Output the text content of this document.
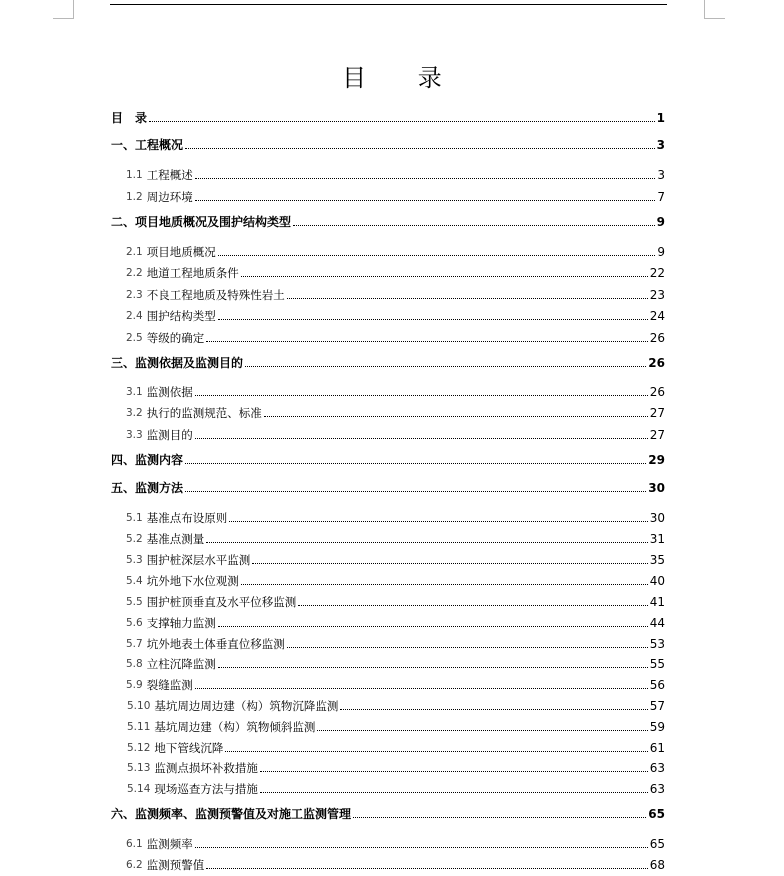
目 录
目　录	1
一、工程概况	3
1.1 工程概述	3
1.2 周边环境	7
二、项目地质概况及围护结构类型	9
2.1 项目地质概况	9
2.2 地道工程地质条件	22
2.3 不良工程地质及特殊性岩土	23
2.4 围护结构类型	24
2.5 等级的确定	26
三、监测依据及监测目的	26
3.1 监测依据	26
3.2 执行的监测规范、标准	27
3.3 监测目的	27
四、监测内容	29
五、监测方法	30
5.1 基准点布设原则	30
5.2 基准点测量	31
5.3 围护桩深层水平监测	35
5.4 坑外地下水位观测	40
5.5 围护桩顶垂直及水平位移监测	41
5.6 支撑轴力监测	44
5.7 坑外地表土体垂直位移监测	53
5.8 立柱沉降监测	55
5.9 裂缝监测	56
5.10 基坑周边周边建（构）筑物沉降监测	57
5.11 基坑周边建（构）筑物倾斜监测	59
5.12 地下管线沉降	61
5.13 监测点损坏补救措施	63
5.14 现场巡查方法与措施	63
六、监测频率、监测预警值及对施工监测管理	65
6.1 监测频率	65
6.2 监测预警值	68
